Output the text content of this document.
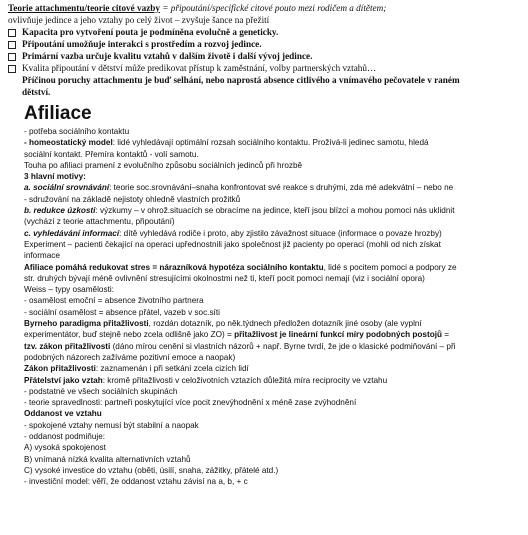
Teorie attachmentu/teorie citové vazby = připoutání/specifické citové pouto mezi rodičem a dítětem;
ovlivňuje jedince a jeho vztahy po celý život – zvyšuje šance na přežití
Kapacita pro vytvoření pouta je podmíněna evolučně a geneticky.
Připoutání umožňuje interakci s prostředím a rozvoj jedince.
Primární vazba určuje kvalitu vztahů v dalším životě i další vývoj jedince.
Kvalita připoutání v dětství může predikovat přístup k zaměstnání, volby partnerských vztahů…
Příčinou poruchy attachmentu je buď selhání, nebo naprostá absence citlivého a vnímavého pečovatele v raném
dětství.
Afiliace
- potřeba sociálního kontaktu
- homeostatický model: lidé vyhledávají optimální rozsah sociálního kontaktu. Prožívá-li jedinec samotu, hledá
sociální kontakt. Přemíra kontaktů - volí samotu.
Touha po afiliaci pramení z evolučního způsobu sociálních jedinců při hrozbě
3 hlavní motivy:
a. sociální srovnávání: teorie soc.srovnávání–snaha konfrontovat své reakce s druhými, zda mé adekvátní – nebo ne
- sdružování na základě nejistoty ohledně vlastních prožitků
b. redukce úzkosti: výzkumy – v ohrož.situacích se obracíme na jedince, kteří jsou blízcí a mohou pomoci nás uklidnit
(vychází z teorie attachmentu, připoutání)
c. vyhledávání informací: dítě vyhledává rodiče i proto, aby zjistilo závažnost situace (informace o povaze hrozby)
Experiment – pacienti čekající na operaci upřednostnili jako společnost již pacienty po operaci (mohli od nich získat
informace
Afiliace pomáhá redukovat stres = nárazníková hypotéza sociálního kontaktu, lidé s pocitem pomoci a podpory ze
str. druhých bývají méně ovlivnění stresujícími okolnostmi než ti, kteří pocit pomoci nemají (viz i sociální opora)
Weiss – typy osamělosti:
- osamělost emoční = absence životního partnera
- sociální osamělost = absence přátel, vazeb v soc.síti
Byrneho paradigma přitažlivosti, rozdán dotazník, po něk.týdnech předložen dotazník jiné osoby (ale vyplní
experimentátor, buď stejně nebo zcela odlišně jako ZO) = přitažlivost je lineární funkcí míry podobných postojů =
tzv. zákon přitažlivosti (dáno mírou cenění si vlastních názorů + např. Byrne tvrdí, že jde o klasické podmiňování – při
podobných názorech zažíváme pozitivní emoce a naopak)
Zákon přitažlivosti: zaznamenán i při setkání zcela cizích lidí
Přátelství jako vztah: kromě přitažlivosti v celoživotních vztazích důležitá míra reciprocity ve vztahu
- podstatné ve všech sociálních skupinách
- teorie spravedlnosti: partneři poskytující více pocit znevýhodnění x méně zase zvýhodnění
Oddanost ve vztahu
- spokojené vztahy nemusí být stabilní a naopak
- oddanost podmiňuje:
A) vysoká spokojenost
B) vnímaná nízká kvalita alternativních vztahů
C) vysoké investice do vztahu (oběti, úsilí, snaha, zážitky, přátelé atd.)
- investiční model: věří, že oddanost vztahu závisí na a, b, + c
